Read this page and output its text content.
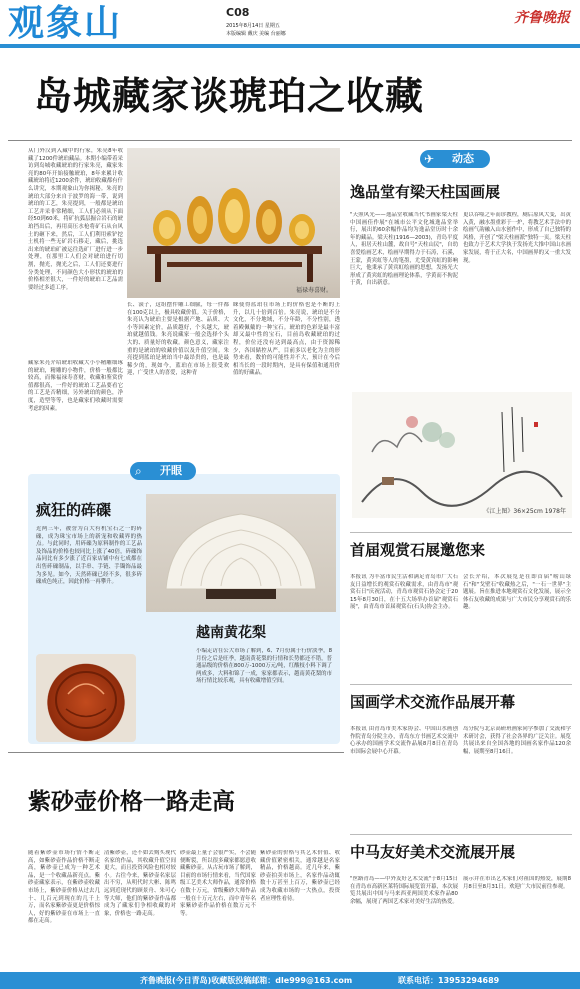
观象山	C08
2015年8月14日 星期五
本版编辑 戴庆 美编 台丽娜
齐鲁晚报
岛城藏家谈琥珀之收藏
从门外汉到入藏中的行家，朱亮8年收藏了1200件琥珀藏品。本期小编带着采访到岛城收藏琥珀的行家朱亮，藏家朱亮的80年开始接触琥珀，8年来累计收藏琥珀将近1200余件，琥珀收藏都有什么讲究，本期观象山为你揭秘。朱亮的琥珀大部分来自于波罗的海一带，说到琥珀的工艺，朱亮提到，一般都是琥珀工艺并采非常精细，工人们必须从下面经50到60米，将矿抗弧层掘合岩石的琥珀挡出后，再用高压水枪将矿石从台风土的砸下来，然后，工人们利用索铲挖土机将一些无矿岩石移走，藏后，挑选出来的琥珀矿被运往选矿厂进行进一步处理，在那里工人们会对琥珀进行切割，抛光，抛光之后，工人们还要进行分类处理，不同颜色大小形状的琥珀的价格相差很大，一件好的琥珀工艺品需要经过多道工序。
藏家朱亮介绍琥珀收藏大小小精雕细琢的琥珀，精雕的小物件，价格一般都比较高，而像福禄寿喜财，收藏和鉴赏价值都很高，一件好的琥珀工艺品要看它的工艺是否精细，另外琥珀的颜色，净度，造型等等，也是藏家们收藏时需要考虑的因素。
福禄寿喜财。
长、滚子，这组摆件雕工细腻，每一件都在100克以上，极具收藏价值。关于价格，朱亮认为琥珀主要是根据产地、品质、大小等因素定价，品质越好，个头越大，琥珀就越值钱。朱亮说藏家一般会选择个头大的、质量好的收藏。颜色意义，藏家注重的是琥珀的收藏价值以及升值空间。朱亮提到蓝珀是琥珀当中最昂贵的，也是最稀少的，现如今，蓝珀在市场上很受欢迎，广受世人的喜爱，这种青
睐使得蓝珀在市场上的价格也是不断的上升，以几十倍到百倍。朱亮说，琥珀是不分文化，不分地域，不分年龄，不分性别，透着殿佩戴的一种宝石。琥珀的色彩是最丰富却又最中性的宝石，目前岛收藏琥珀的过程，价位还没有达到最高点，由于资源稀少，各国储控从严，目前多以老化为主的形势来看，数价的可能性并不大，预计在今后相当长的一段时期内，是具有保值和通用价值的好藏品。
✈ 动态
逸品堂有梁天柱国画展
"天照风光——逸品堂收藏当代书画家梁天柱中国画佳作展"在城市公平文化城逸品堂举行，展出的60余幅作品均为逸品堂历时十余年的藏品。梁天柱(1916—2003)，青岛平度人，祖居天柱山麓，故自号"天柱山民"，自幼喜爱绘画艺术，绘画早期得力于石涛，石溪，王蒙，黄宾虹等人的笔墨，尤受黄宾虹的影响巨大，他秉承了黄宾虹绘画的思想，发扬光大形成了黄宾虹的绘画理论体系，学黄而不拘泥于黄，自出新意。
更以吞噬之年而诊教程，厕后原风大变，出黄入黄，融水墨重彩于一炉，将教艺术手法中的绘画气韵融入山水创作中，形成了自己独特的风格，开创了"梁天柱画派"独特一页。梁天柱也致力于艺术大学执于发扬光大推中国山水画家发展，将于正大名，中国画界的又一重大发现。
《江上图》36×25cm 1978年
首届观赏石展邀您来
本报讯 为丰富市民生活和满足青岛市广大石友日益增长的观赏石收藏需求，由青岛市"观赏石日"庆祝活动，青岛市观赏石协会定于2015年8月30日，在十五大场举办首届"观赏石展"，由青岛市首届观赏石(石头)协会主办。
会长介绍，本次展览是在即首届"崂山绿石"和"戈壁石"收藏热之后，"一石一世界"主题展。旨在推进本地观赏石文化发展，展示全体石友收藏的成果与广大市民分享观赏石的乐趣。
国画学术交流作品展开幕
本报讯 由青岛市美术家协会、中国山水画创作院青岛分院主办，青岛东方书画艺术交流中心承办的国画学术交流作品展8月8日在青岛市国际会展中心开幕。
岛分院与北京高研班画家同学参加了交流和学术研讨会，获得了社会各界的广泛关注。展览共展出来自全国各地的国画名家作品120余幅，展期至8月16日。
中马友好美术交流展开展
"丝路青岛——中外友好艺术交流"于8月15日在青岛市高新区莱特国际展览馆开幕，本次展览共展出中国与马来西亚两国美术家作品80余幅，展现了两国艺术家对美好生活的热爱。
展示并在市出艺术家们对祖国的热爱，展期8月8日至8月31日。欢迎广大市民前往参观。
⌕ 开眼
疯狂的砗磲
近两三年，被誉为百大有机宝石之一的砗磲，成为珠宝市场上的新宠和收藏界的热点。与此同时，用砗磲为原料制作的工艺品及饰品的价格也较同比上涨了40倍，砗磲饰品同比有多少涨了近百家店铺中有七成都在出售砗磲制品，以手串、手链、手镯饰品最为多见。如今，天然砗磲已经不多，很多砗磲成色纯正，因此价格一再攀升。
越南黄花梨
小编走访在公大市场了解到，6、7月份属于行价淡季，8月份之后是旺季，越南黄花梨的行情和长势都还不错，普通品级的价格在800万-1000万元/吨，红酸枝小料下调了两成多，大料和锦了一成，家家都表示，越南黄花梨的市场行情比较乐观，具有收藏增值空间。
紫砂壶价格一路走高
随着紫砂壶市场行情不断走高，如紫砂壶作品价格不断走高，紫砂壶已成为一种艺术品，是一个收藏品新亮点。紫砂壶藏家表示，在紫砂壶收藏市场上，紫砂壶价格从过去几十、几百元到现在的几千上万，而名家紫砂壶更是价格惊人，好的紫砂壶在市场上一直都在走高。
清紫砂壶，还不如去购买现代名家的作品，其收藏升值空间更大，而且投资风险也相对较小。古往今来，紫砂壶名家层出不穷，从明代时大彬、陈鸣远到近现代的顾景舟、朱可心等大师，他们的紫砂壶作品都成为了藏家们争相收藏的对象，价格也一路走高。
砂壶最上量子会很严实，不会随便断裂，所以很多藏家都愿意收藏紫砂壶。从古玩市场了解到，目前的市场行情来看，当代国家级工艺美术大师作品，通常价格在数十万元，省级紫砂大师作品一般在十万元左右，而中青年名家紫砂壶作品价格在数万元不等。
紫砂壶的价格与其艺术价值、收藏价值紧密相关，通常越是名家精品，价格越高。近几年来，紫砂壶拍卖市场上，名家作品动辄数十万甚至上百万，紫砂壶已经成为收藏市场的一大热点，投资者应理性看待。
齐鲁晚报(今日青岛)收藏版投稿邮箱：dle999@163.com	联系电话：13953294689
